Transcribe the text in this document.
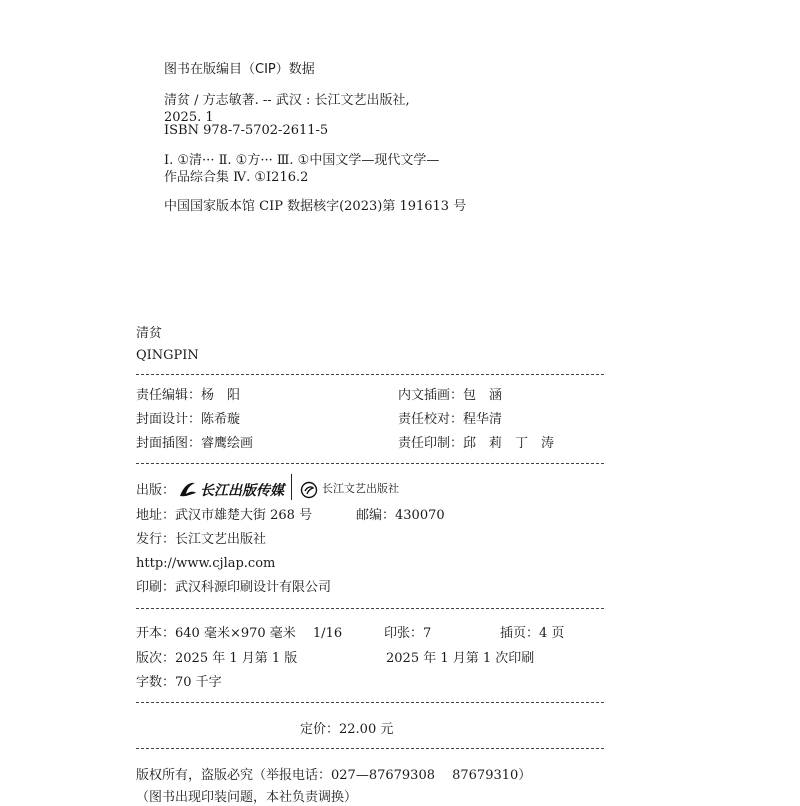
图书在版编目（CIP）数据
清贫 / 方志敏著. -- 武汉 : 长江文艺出版社,
2025. 1
ISBN 978-7-5702-2611-5
Ⅰ. ①清··· Ⅱ. ①方··· Ⅲ. ①中国文学—现代文学—
作品综合集 Ⅳ. ①I216.2
中国国家版本馆 CIP 数据核字(2023)第 191613 号
清贫
QINGPIN
责任编辑：杨　阳	内文插画：包　涵
封面设计：陈希璇	责任校对：程华清
封面插图：睿鹰绘画	责任印制：邱　莉　丁　涛
出版： 长江出版传媒	长江文艺出版社
地址：武汉市雄楚大街 268 号	邮编：430070
发行：长江文艺出版社
http://www.cjlap.com
印刷：武汉科源印刷设计有限公司
开本：640 毫米×970 毫米　 1/16	印张：7	插页：4 页
版次：2025 年 1 月第 1 版	2025 年 1 月第 1 次印刷
字数：70 千字
定价：22.00 元
版权所有，盗版必究（举报电话：027—87679308　 87679310）
（图书出现印装问题，本社负责调换）
